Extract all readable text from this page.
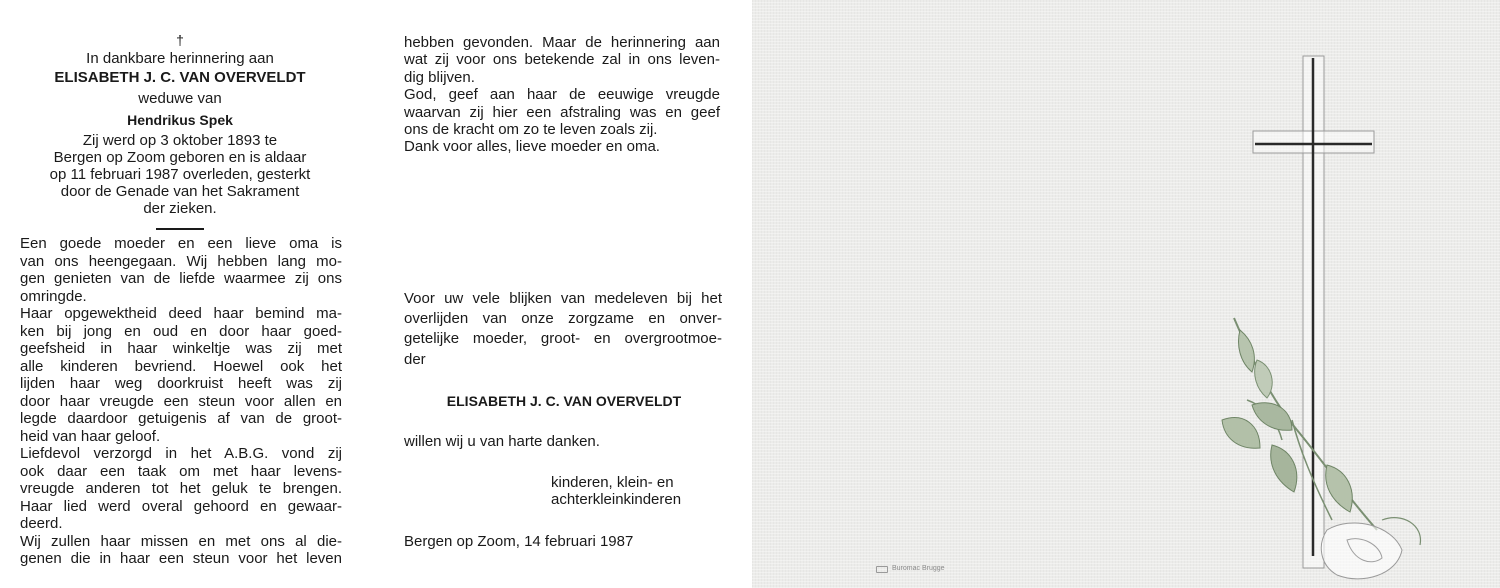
†
In dankbare herinnering aan
ELISABETH J. C. VAN OVERVELDT
weduwe van
Hendrikus Spek
Zij werd op 3 oktober 1893 te
Bergen op Zoom geboren en is aldaar
op 11 februari 1987 overleden, gesterkt
door de Genade van het Sakrament
der zieken.
Een goede moeder en een lieve oma is
van ons heengegaan. Wij hebben lang mo-
gen genieten van de liefde waarmee zij ons
omringde.
Haar opgewektheid deed haar bemind ma-
ken bij jong en oud en door haar goed-
geefsheid in haar winkeltje was zij met
alle kinderen bevriend. Hoewel ook het
lijden haar weg doorkruist heeft was zij
door haar vreugde een steun voor allen en
legde daardoor getuigenis af van de groot-
heid van haar geloof.
Liefdevol verzorgd in het A.B.G. vond zij
ook daar een taak om met haar levens-
vreugde anderen tot het geluk te brengen.
Haar lied werd overal gehoord en gewaar-
deerd.
Wij zullen haar missen en met ons al die-
genen die in haar een steun voor het leven
hebben gevonden. Maar de herinnering aan
wat zij voor ons betekende zal in ons leven-
dig blijven.
God, geef aan haar de eeuwige vreugde
waarvan zij hier een afstraling was en geef
ons de kracht om zo te leven zoals zij.
Dank voor alles, lieve moeder en oma.
Voor uw vele blijken van medeleven bij het
overlijden van onze zorgzame en onver-
getelijke moeder, groot- en overgrootmoe-
der
ELISABETH J. C. VAN OVERVELDT
willen wij u van harte danken.
kinderen, klein- en
achterkleinkinderen
Bergen op Zoom, 14 februari 1987
Buromac Brugge
